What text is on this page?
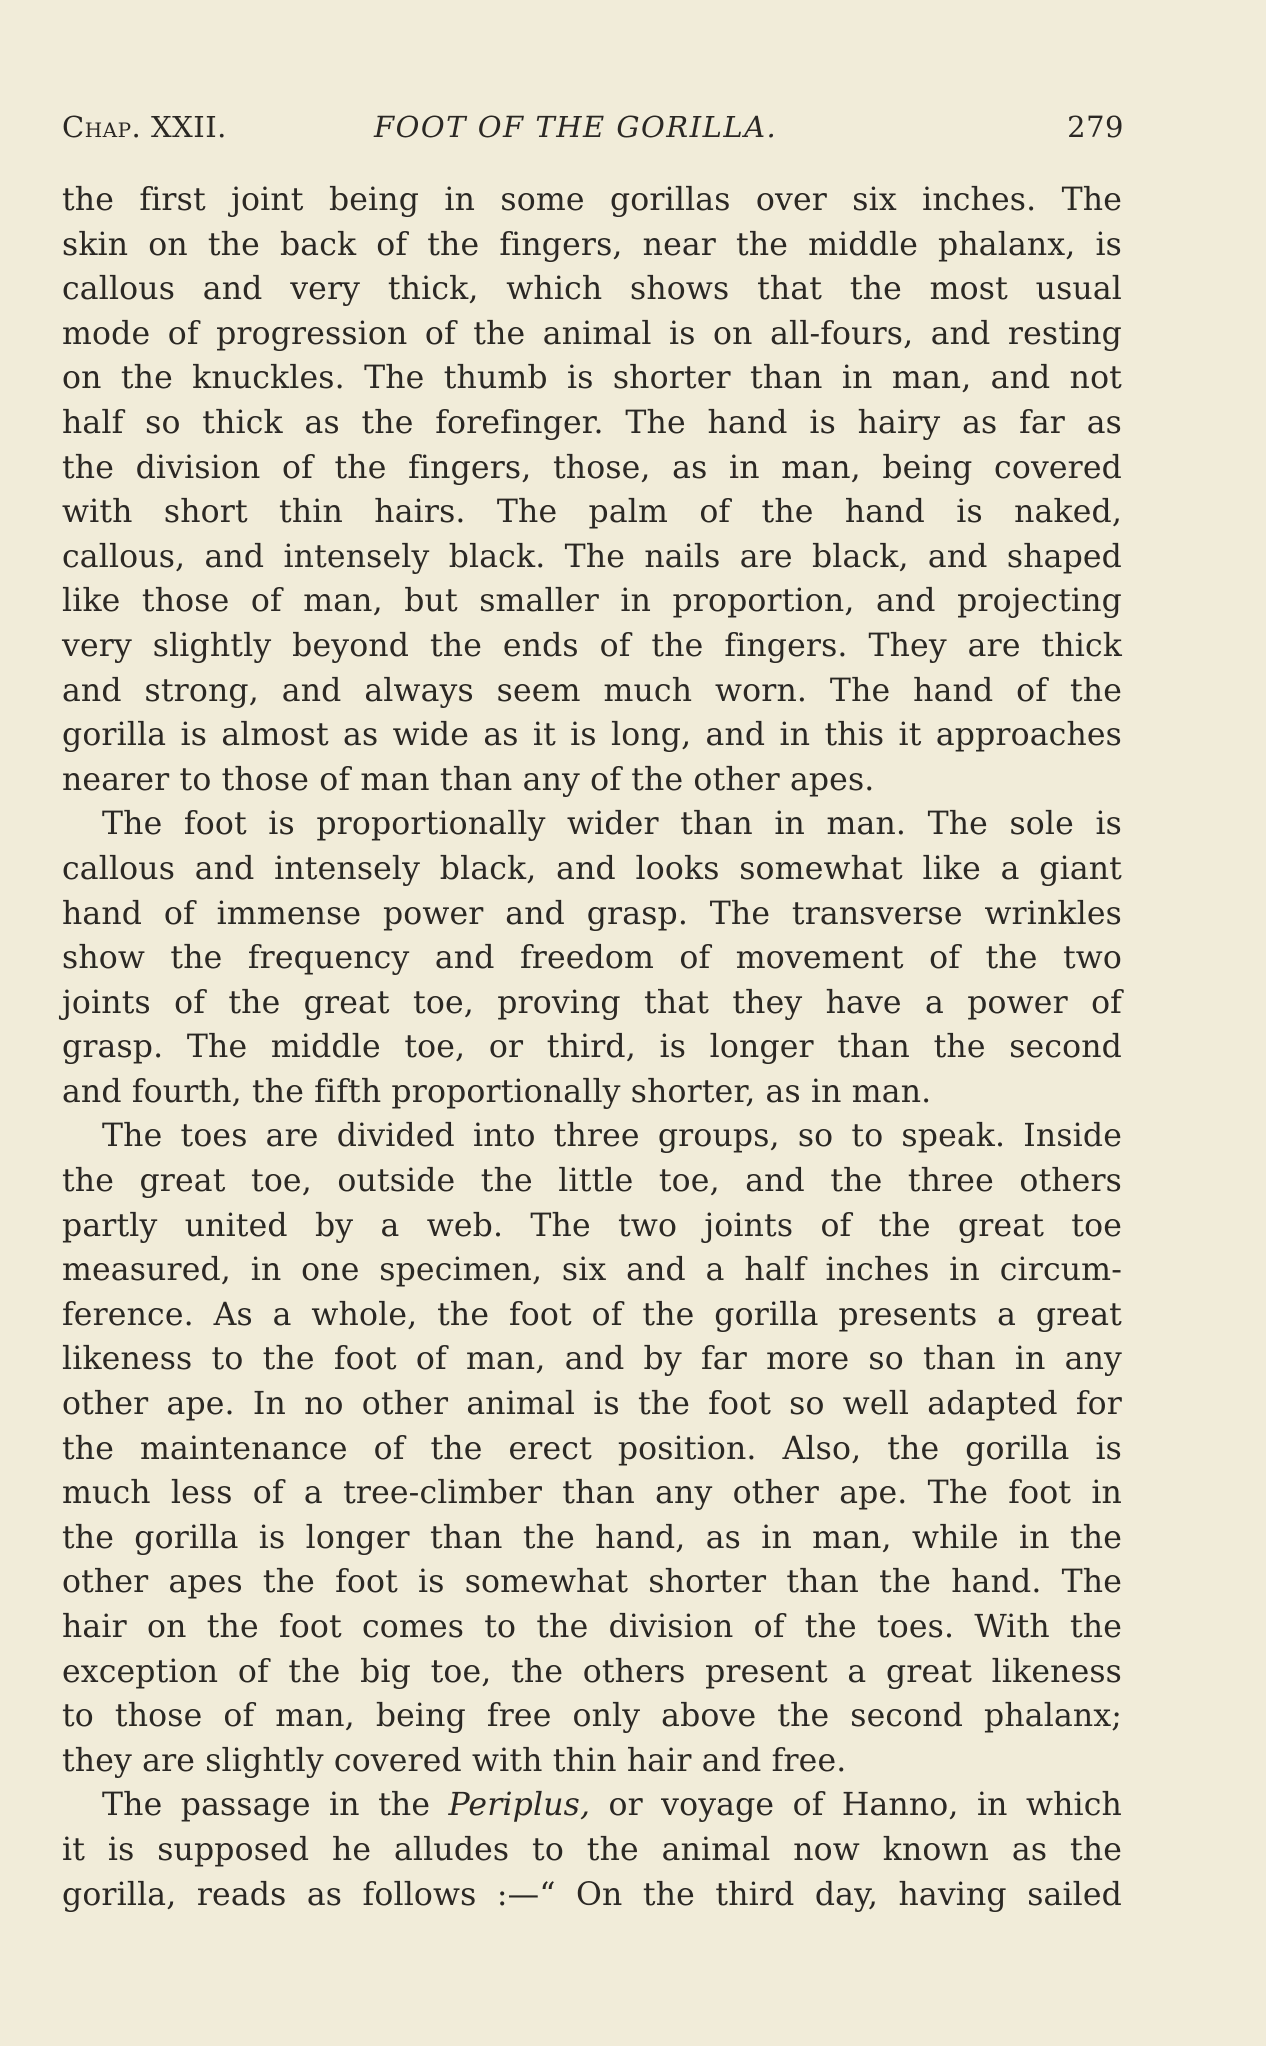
Chap. XXII.	FOOT OF THE GORILLA.	279
the first joint being in some gorillas over six inches. The
skin on the back of the fingers, near the middle phalanx, is
callous and very thick, which shows that the most usual
mode of progression of the animal is on all-fours, and resting
on the knuckles. The thumb is shorter than in man, and not
half so thick as the forefinger. The hand is hairy as far as
the division of the fingers, those, as in man, being covered
with short thin hairs. The palm of the hand is naked,
callous, and intensely black. The nails are black, and shaped
like those of man, but smaller in proportion, and projecting
very slightly beyond the ends of the fingers. They are thick
and strong, and always seem much worn. The hand of the
gorilla is almost as wide as it is long, and in this it approaches
nearer to those of man than any of the other apes.
The foot is proportionally wider than in man. The sole is
callous and intensely black, and looks somewhat like a giant
hand of immense power and grasp. The transverse wrinkles
show the frequency and freedom of movement of the two
joints of the great toe, proving that they have a power of
grasp. The middle toe, or third, is longer than the second
and fourth, the fifth proportionally shorter, as in man.
The toes are divided into three groups, so to speak. Inside
the great toe, outside the little toe, and the three others
partly united by a web. The two joints of the great toe
measured, in one specimen, six and a half inches in circum-
ference. As a whole, the foot of the gorilla presents a great
likeness to the foot of man, and by far more so than in any
other ape. In no other animal is the foot so well adapted for
the maintenance of the erect position. Also, the gorilla is
much less of a tree-climber than any other ape. The foot in
the gorilla is longer than the hand, as in man, while in the
other apes the foot is somewhat shorter than the hand. The
hair on the foot comes to the division of the toes. With the
exception of the big toe, the others present a great likeness
to those of man, being free only above the second phalanx;
they are slightly covered with thin hair and free.
The passage in the Periplus, or voyage of Hanno, in which
it is supposed he alludes to the animal now known as the
gorilla, reads as follows :—“ On the third day, having sailed
